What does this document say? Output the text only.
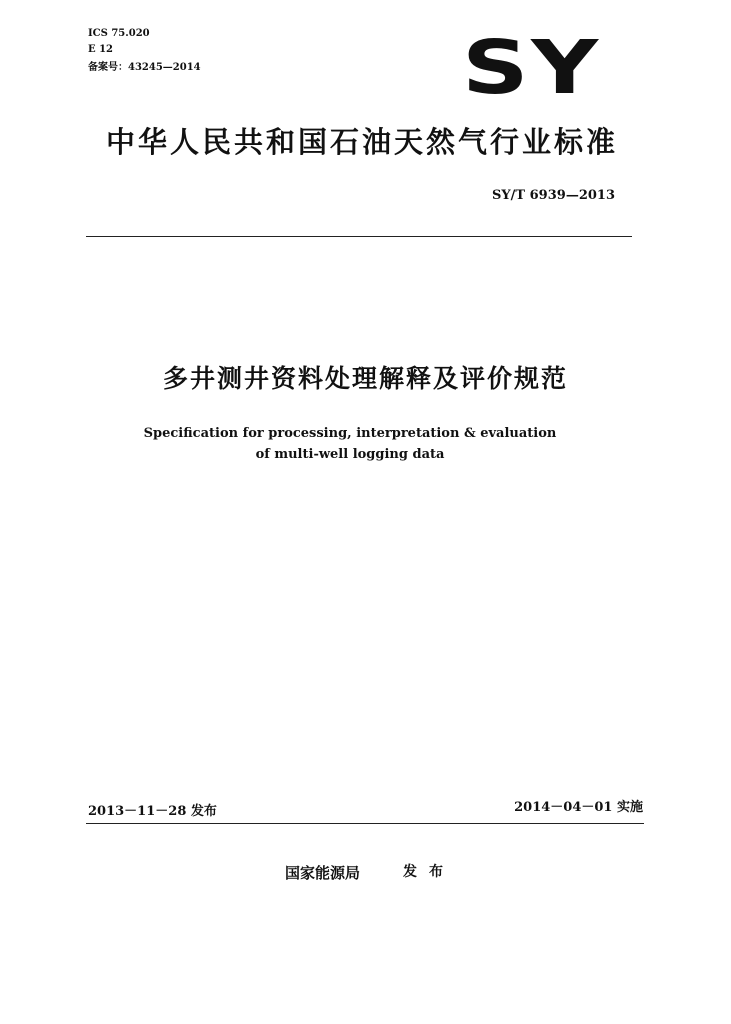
ICS 75.020

E 12

备案号：43245—2014	SY
中华人民共和国石油天然气行业标准

SY/T 6939—2013

多井测井资料处理解释及评价规范

Specification for processing, interpretation & evaluation

of multi-well logging data

2013－11－28 发布	2014－04－01 实施

国家能源局	发布
